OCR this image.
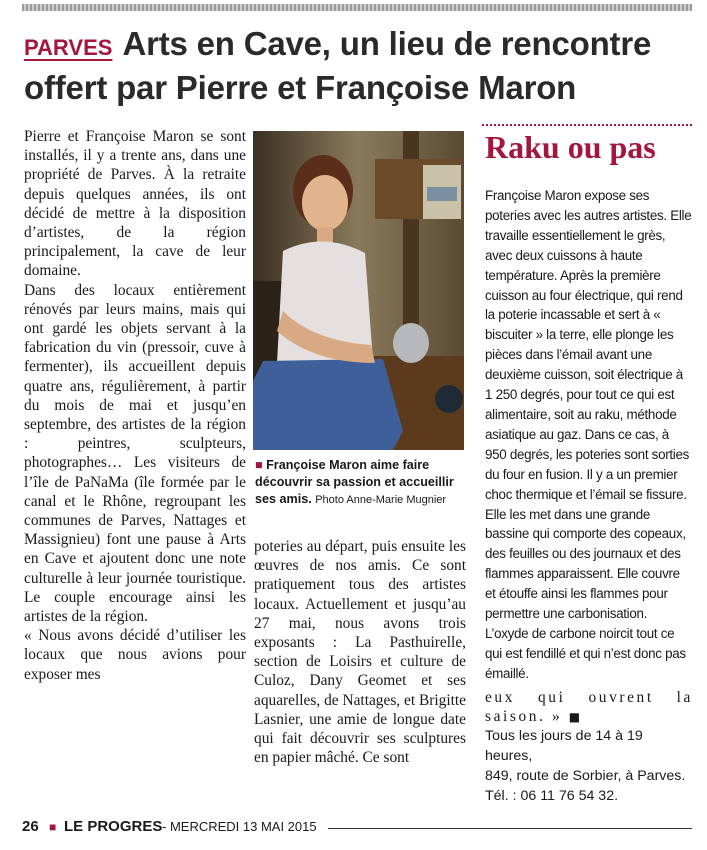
PARVES Arts en Cave, un lieu de rencontre offert par Pierre et Françoise Maron

Pierre et Françoise Maron se sont installés, il y a trente ans, dans une propriété de Parves. À la retraite depuis quelques années, ils ont décidé de mettre à la disposition d’artistes, de la région principalement, la cave de leur domaine.

Dans des locaux entièrement rénovés par leurs mains, mais qui ont gardé les objets servant à la fabrication du vin (pressoir, cuve à fermenter), ils accueillent depuis quatre ans, régulièrement, à partir du mois de mai et jusqu’en septembre, des artistes de la région : peintres, sculpteurs, photographes… Les visiteurs de l’île de PaNaMa (île formée par le canal et le Rhône, regroupant les communes de Parves, Nattages et Massignieu) font une pause à Arts en Cave et ajoutent donc une note culturelle à leur journée touristique. Le couple encourage ainsi les artistes de la région.

« Nous avons décidé d’utiliser les locaux que nous avions pour exposer mes

■ Françoise Maron aime faire découvrir sa passion et accueillir ses amis. Photo Anne-Marie Mugnier

poteries au départ, puis ensuite les œuvres de nos amis. Ce sont pratiquement tous des artistes locaux. Actuellement et jusqu’au 27 mai, nous avons trois exposants : La Pasthuirelle, section de Loisirs et culture de Culoz, Dany Geomet et ses aquarelles, de Nattages, et Brigitte Lasnier, une amie de longue date qui fait découvrir ses sculptures en papier mâché. Ce sont

Raku ou pas

Françoise Maron expose ses poteries avec les autres artistes. Elle travaille essentiellement le grès, avec deux cuissons à haute température. Après la première cuisson au four électrique, qui rend la poterie incassable et sert à « biscuiter » la terre, elle plonge les pièces dans l’émail avant une deuxième cuisson, soit électrique à 1 250 degrés, pour tout ce qui est alimentaire, soit au raku, méthode asiatique au gaz. Dans ce cas, à 950 degrés, les poteries sont sorties du four en fusion. Il y a un premier choc thermique et l’émail se fissure. Elle les met dans une grande bassine qui comporte des copeaux, des feuilles ou des journaux et des flammes apparaissent. Elle couvre et étouffe ainsi les flammes pour permettre une carbonisation. L’oxyde de carbone noircit tout ce qui est fendillé et qui n’est donc pas émaillé.

eux qui ouvrent la saison. » ■

Tous les jours de 14 à 19 heures,
849, route de Sorbier, à Parves.
Tél. : 06 11 76 54 32.

26 ■ LE PROGRES - MERCREDI 13 MAI 2015
